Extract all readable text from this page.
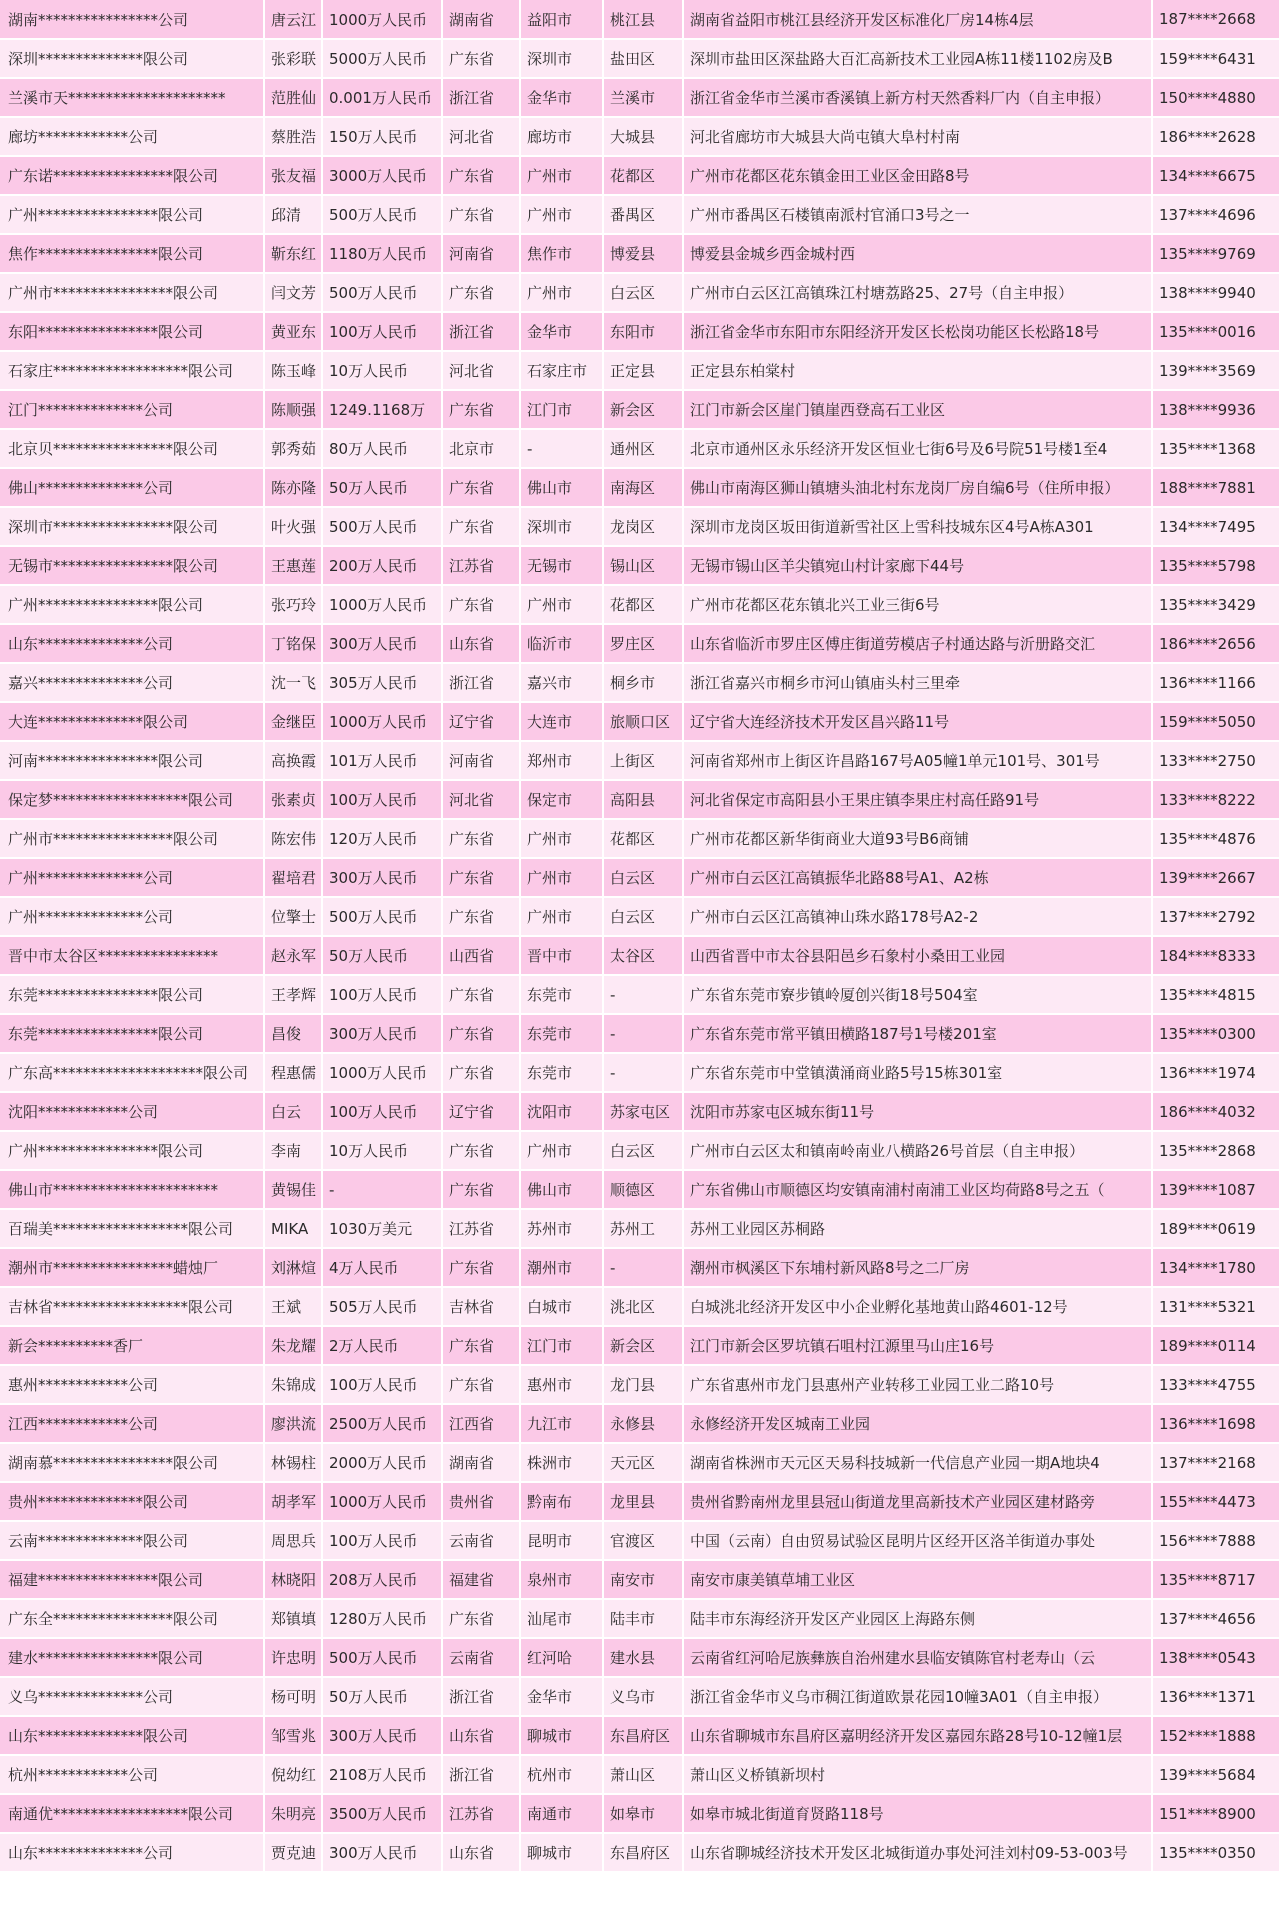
湖南****************公司	唐云江	1000万人民币	湖南省	益阳市	桃江县	湖南省益阳市桃江县经济开发区标准化厂房14栋4层	187****2668
深圳**************限公司	张彩联	5000万人民币	广东省	深圳市	盐田区	深圳市盐田区深盐路大百汇高新技术工业园A栋11楼1102房及B	159****6431
兰溪市天*********************	范胜仙	0.001万人民币	浙江省	金华市	兰溪市	浙江省金华市兰溪市香溪镇上新方村天然香料厂内（自主申报）	150****4880
廊坊************公司	蔡胜浩	150万人民币	河北省	廊坊市	大城县	河北省廊坊市大城县大尚屯镇大阜村村南	186****2628
广东诺****************限公司	张友福	3000万人民币	广东省	广州市	花都区	广州市花都区花东镇金田工业区金田路8号	134****6675
广州****************限公司	邱清	500万人民币	广东省	广州市	番禺区	广州市番禺区石楼镇南派村官涌口3号之一	137****4696
焦作****************限公司	靳东红	1180万人民币	河南省	焦作市	博爱县	博爱县金城乡西金城村西	135****9769
广州市****************限公司	闫文芳	500万人民币	广东省	广州市	白云区	广州市白云区江高镇珠江村塘荔路25、27号（自主申报）	138****9940
东阳****************限公司	黄亚东	100万人民币	浙江省	金华市	东阳市	浙江省金华市东阳市东阳经济开发区长松岗功能区长松路18号	135****0016
石家庄******************限公司	陈玉峰	10万人民币	河北省	石家庄市	正定县	正定县东柏棠村	139****3569
江门**************公司	陈顺强	1249.1168万	广东省	江门市	新会区	江门市新会区崖门镇崖西登高石工业区	138****9936
北京贝****************限公司	郭秀茹	80万人民币	北京市	-	通州区	北京市通州区永乐经济开发区恒业七街6号及6号院51号楼1至4	135****1368
佛山**************公司	陈亦隆	50万人民币	广东省	佛山市	南海区	佛山市南海区狮山镇塘头油北村东龙岗厂房自编6号（住所申报）	188****7881
深圳市****************限公司	叶火强	500万人民币	广东省	深圳市	龙岗区	深圳市龙岗区坂田街道新雪社区上雪科技城东区4号A栋A301	134****7495
无锡市****************限公司	王惠莲	200万人民币	江苏省	无锡市	锡山区	无锡市锡山区羊尖镇宛山村计家廊下44号	135****5798
广州****************限公司	张巧玲	1000万人民币	广东省	广州市	花都区	广州市花都区花东镇北兴工业三街6号	135****3429
山东**************公司	丁铭保	300万人民币	山东省	临沂市	罗庄区	山东省临沂市罗庄区傅庄街道劳模店子村通达路与沂册路交汇	186****2656
嘉兴**************公司	沈一飞	305万人民币	浙江省	嘉兴市	桐乡市	浙江省嘉兴市桐乡市河山镇庙头村三里牵	136****1166
大连**************限公司	金继臣	1000万人民币	辽宁省	大连市	旅顺口区	辽宁省大连经济技术开发区昌兴路11号	159****5050
河南****************限公司	高换霞	101万人民币	河南省	郑州市	上街区	河南省郑州市上街区许昌路167号A05幢1单元101号、301号	133****2750
保定梦******************限公司	张素贞	100万人民币	河北省	保定市	高阳县	河北省保定市高阳县小王果庄镇李果庄村高任路91号	133****8222
广州市****************限公司	陈宏伟	120万人民币	广东省	广州市	花都区	广州市花都区新华街商业大道93号B6商铺	135****4876
广州**************公司	翟培君	300万人民币	广东省	广州市	白云区	广州市白云区江高镇振华北路88号A1、A2栋	139****2667
广州**************公司	位擎士	500万人民币	广东省	广州市	白云区	广州市白云区江高镇神山珠水路178号A2-2	137****2792
晋中市太谷区****************	赵永军	50万人民币	山西省	晋中市	太谷区	山西省晋中市太谷县阳邑乡石象村小桑田工业园	184****8333
东莞****************限公司	王孝辉	100万人民币	广东省	东莞市	-	广东省东莞市寮步镇岭厦创兴街18号504室	135****4815
东莞****************限公司	昌俊	300万人民币	广东省	东莞市	-	广东省东莞市常平镇田横路187号1号楼201室	135****0300
广东高********************限公司	程惠儒	1000万人民币	广东省	东莞市	-	广东省东莞市中堂镇潢涌商业路5号15栋301室	136****1974
沈阳************公司	白云	100万人民币	辽宁省	沈阳市	苏家屯区	沈阳市苏家屯区城东街11号	186****4032
广州****************限公司	李南	10万人民币	广东省	广州市	白云区	广州市白云区太和镇南岭南业八横路26号首层（自主申报）	135****2868
佛山市**********************	黄锡佳	-	广东省	佛山市	顺德区	广东省佛山市顺德区均安镇南浦村南浦工业区均荷路8号之五（	139****1087
百瑞美******************限公司	MIKA	1030万美元	江苏省	苏州市	苏州工	苏州工业园区苏桐路	189****0619
潮州市****************蜡烛厂	刘淋煊	4万人民币	广东省	潮州市	-	潮州市枫溪区下东埔村新风路8号之二厂房	134****1780
吉林省******************限公司	王斌	505万人民币	吉林省	白城市	洮北区	白城洮北经济开发区中小企业孵化基地黄山路4601-12号	131****5321
新会**********香厂	朱龙耀	2万人民币	广东省	江门市	新会区	江门市新会区罗坑镇石咀村江源里马山庄16号	189****0114
惠州************公司	朱锦成	100万人民币	广东省	惠州市	龙门县	广东省惠州市龙门县惠州产业转移工业园工业二路10号	133****4755
江西************公司	廖洪流	2500万人民币	江西省	九江市	永修县	永修经济开发区城南工业园	136****1698
湖南慕****************限公司	林锡柱	2000万人民币	湖南省	株洲市	天元区	湖南省株洲市天元区天易科技城新一代信息产业园一期A地块4	137****2168
贵州**************限公司	胡孝军	1000万人民币	贵州省	黔南布	龙里县	贵州省黔南州龙里县冠山街道龙里高新技术产业园区建材路旁	155****4473
云南**************限公司	周思兵	100万人民币	云南省	昆明市	官渡区	中国（云南）自由贸易试验区昆明片区经开区洛羊街道办事处	156****7888
福建****************限公司	林晓阳	208万人民币	福建省	泉州市	南安市	南安市康美镇草埔工业区	135****8717
广东全****************限公司	郑镇填	1280万人民币	广东省	汕尾市	陆丰市	陆丰市东海经济开发区产业园区上海路东侧	137****4656
建水****************限公司	许忠明	500万人民币	云南省	红河哈	建水县	云南省红河哈尼族彝族自治州建水县临安镇陈官村老寿山（云	138****0543
义乌**************公司	杨可明	50万人民币	浙江省	金华市	义乌市	浙江省金华市义乌市稠江街道欧景花园10幢3A01（自主申报）	136****1371
山东**************限公司	邹雪兆	300万人民币	山东省	聊城市	东昌府区	山东省聊城市东昌府区嘉明经济开发区嘉园东路28号10-12幢1层	152****1888
杭州************公司	倪幼红	2108万人民币	浙江省	杭州市	萧山区	萧山区义桥镇新坝村	139****5684
南通优******************限公司	朱明亮	3500万人民币	江苏省	南通市	如皋市	如皋市城北街道育贤路118号	151****8900
山东**************公司	贾克迪	300万人民币	山东省	聊城市	东昌府区	山东省聊城经济技术开发区北城街道办事处河洼刘村09-53-003号	135****0350
